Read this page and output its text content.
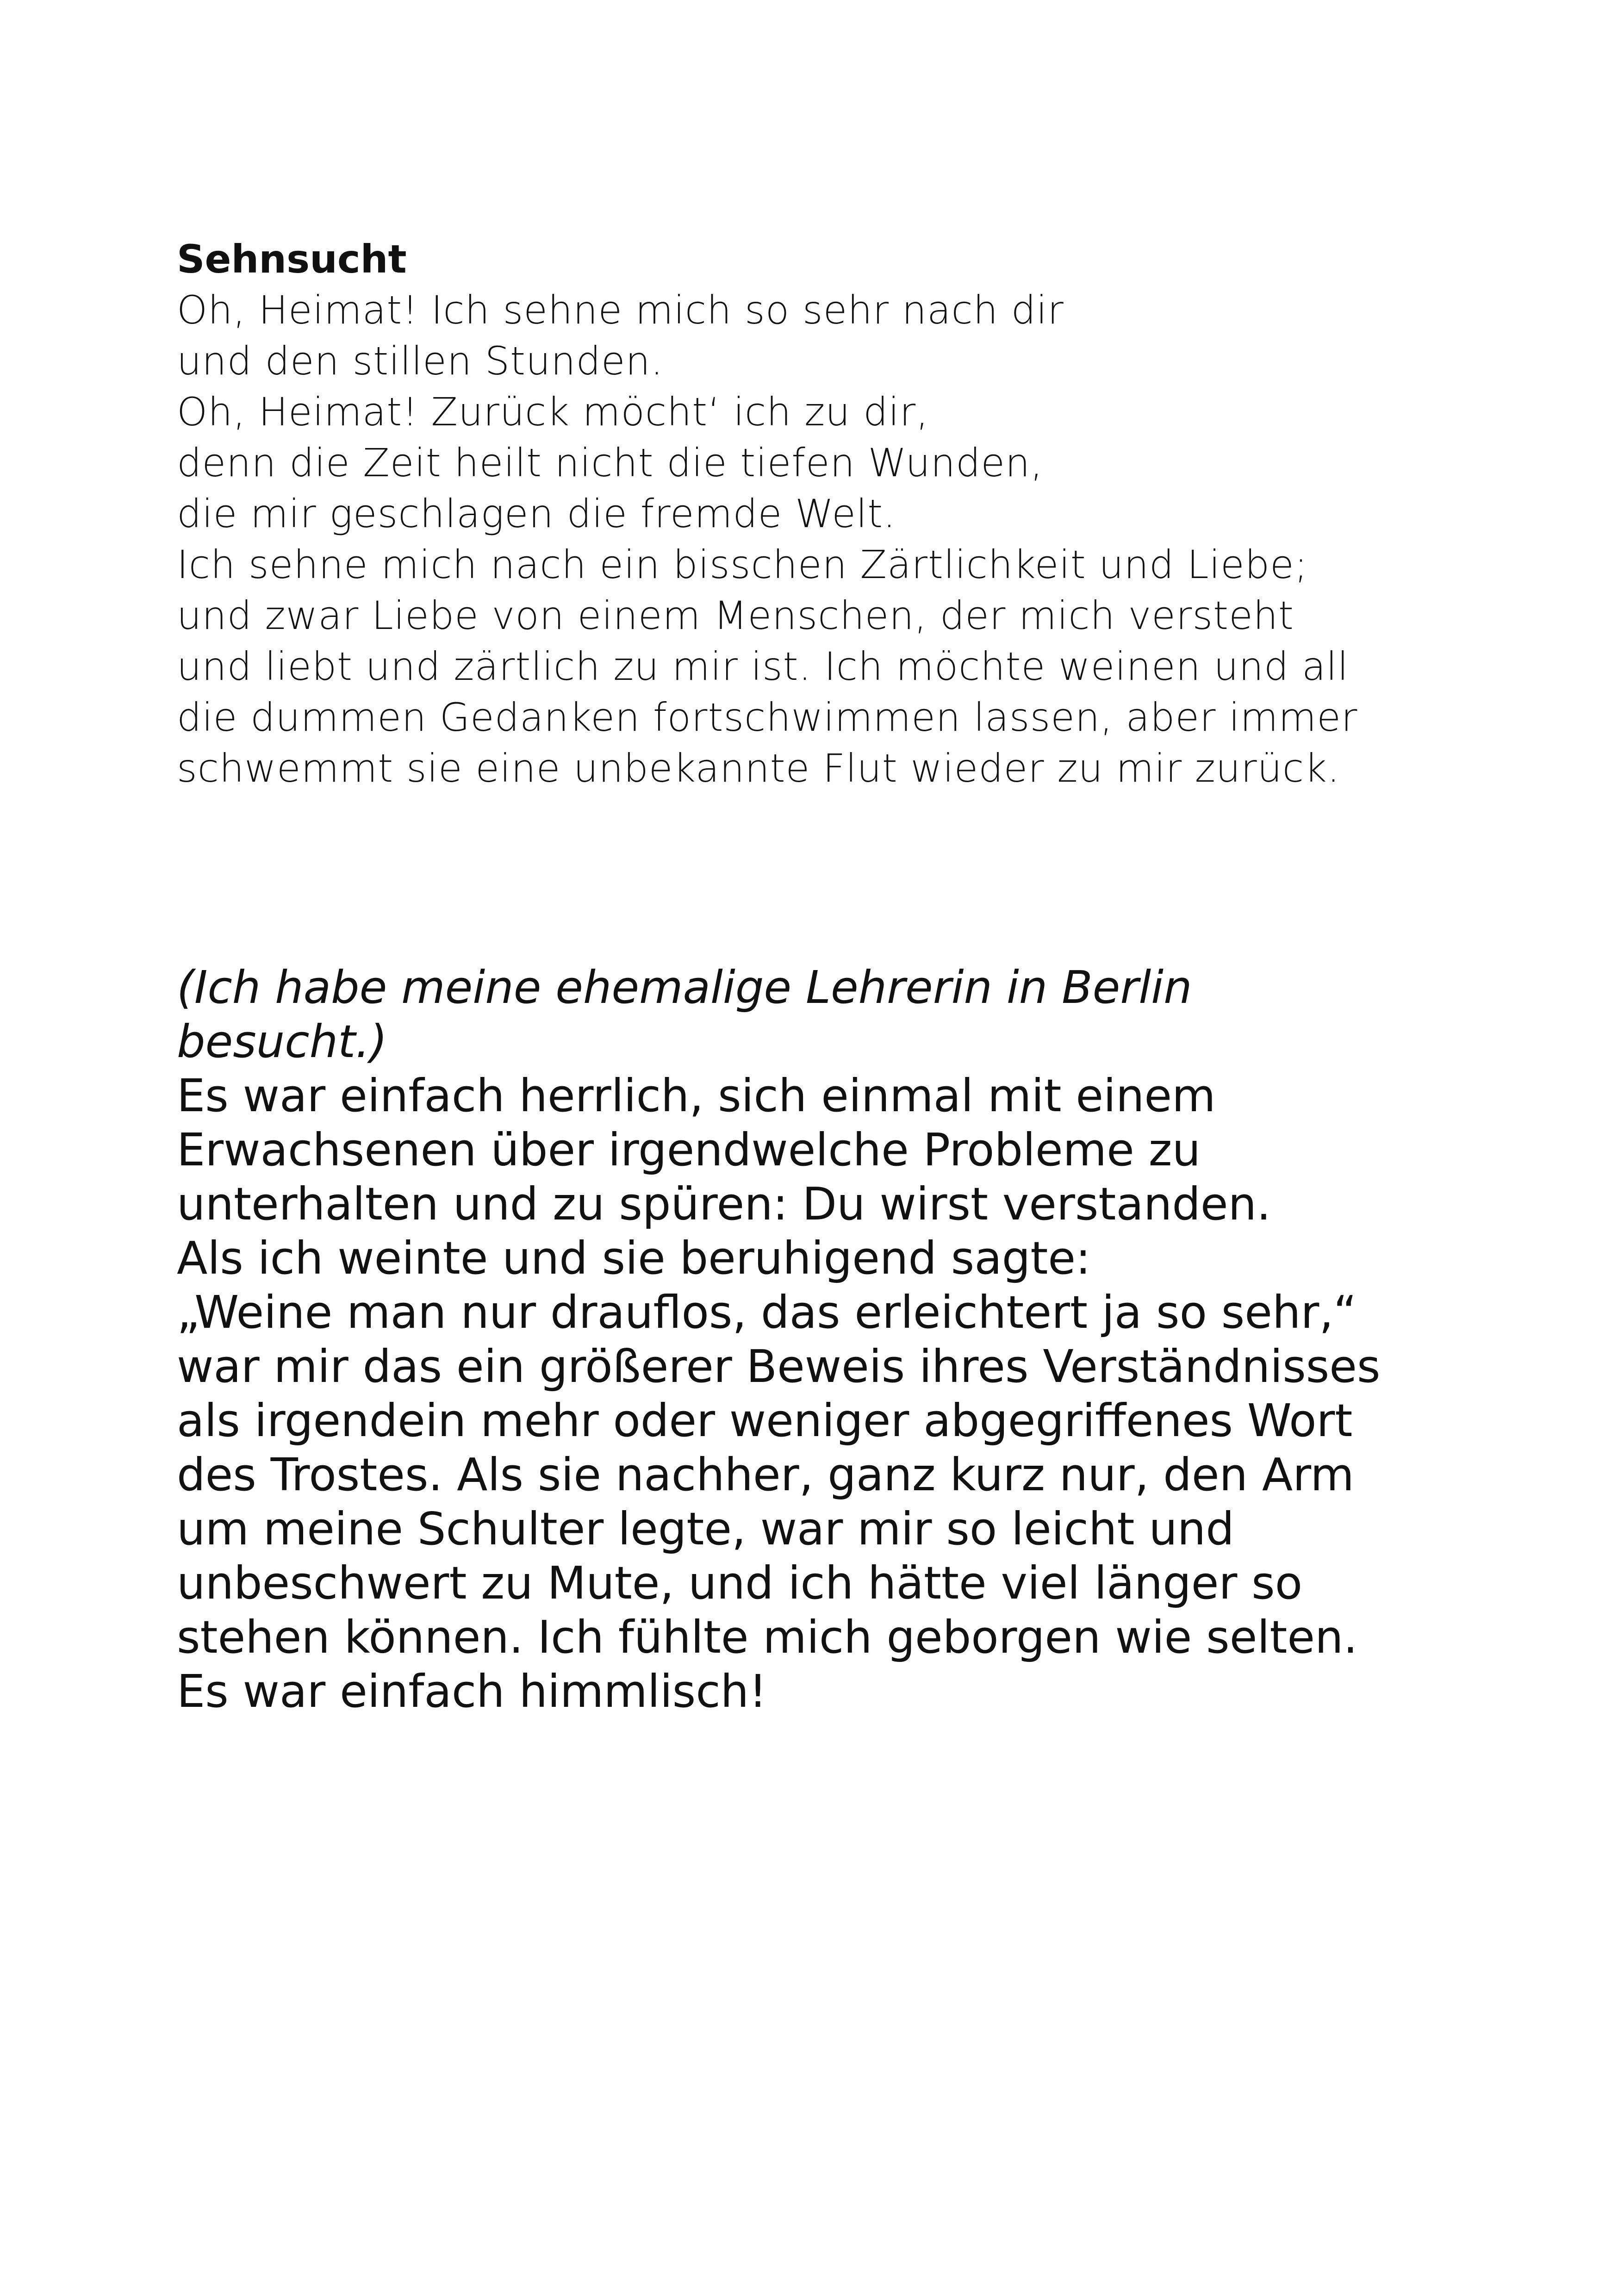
Sehnsucht

Oh, Heimat! Ich sehne mich so sehr nach dir

und den stillen Stunden.

Oh, Heimat! Zurück möcht‘ ich zu dir,

denn die Zeit heilt nicht die tiefen Wunden,

die mir geschlagen die fremde Welt.

Ich sehne mich nach ein bisschen Zärtlichkeit und Liebe;

und zwar Liebe von einem Menschen, der mich versteht

und liebt und zärtlich zu mir ist. Ich möchte weinen und all

die dummen Gedanken fortschwimmen lassen, aber immer

schwemmt sie eine unbekannte Flut wieder zu mir zurück.

(Ich habe meine ehemalige Lehrerin in Berlin

besucht.)

Es war einfach herrlich, sich einmal mit einem

Erwachsenen über irgendwelche Probleme zu

unterhalten und zu spüren: Du wirst verstanden.

Als ich weinte und sie beruhigend sagte:

„Weine man nur drauflos, das erleichtert ja so sehr,“

war mir das ein größerer Beweis ihres Verständnisses

als irgendein mehr oder weniger abgegriffenes Wort

des Trostes. Als sie nachher, ganz kurz nur, den Arm

um meine Schulter legte, war mir so leicht und

unbeschwert zu Mute, und ich hätte viel länger so

stehen können. Ich fühlte mich geborgen wie selten.

Es war einfach himmlisch!
